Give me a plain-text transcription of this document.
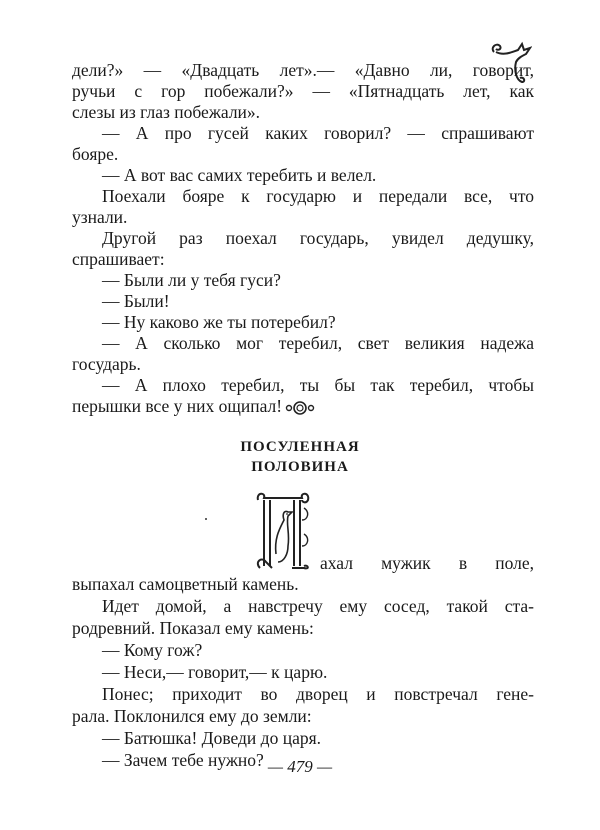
дели?» — «Двадцать лет».— «Давно ли, говорит,
ручьи с гор побежали?» — «Пятнадцать лет, как
слезы из глаз побежали».
— А про гусей каких говорил? — спрашивают
бояре.
— А вот вас самих теребить и велел.
Поехали бояре к государю и передали все, что
узнали.
Другой раз поехал государь, увидел дедушку,
спрашивает:
— Были ли у тебя гуси?
— Были!
— Ну каково же ты потеребил?
— А сколько мог теребил, свет великия надежа
государь.
— А плохо теребил, ты бы так теребил, чтобы
перышки все у них ощипал!
ПОСУЛЕННАЯ
ПОЛОВИНА
ахал мужик в поле,
выпахал самоцветный камень.
Идет домой, а навстречу ему сосед, такой ста-
родревний. Показал ему камень:
— Кому гож?
— Неси,— говорит,— к царю.
Понес; приходит во дворец и повстречал гене-
рала. Поклонился ему до земли:
— Батюшка! Доведи до царя.
— Зачем тебе нужно? — 479 —
